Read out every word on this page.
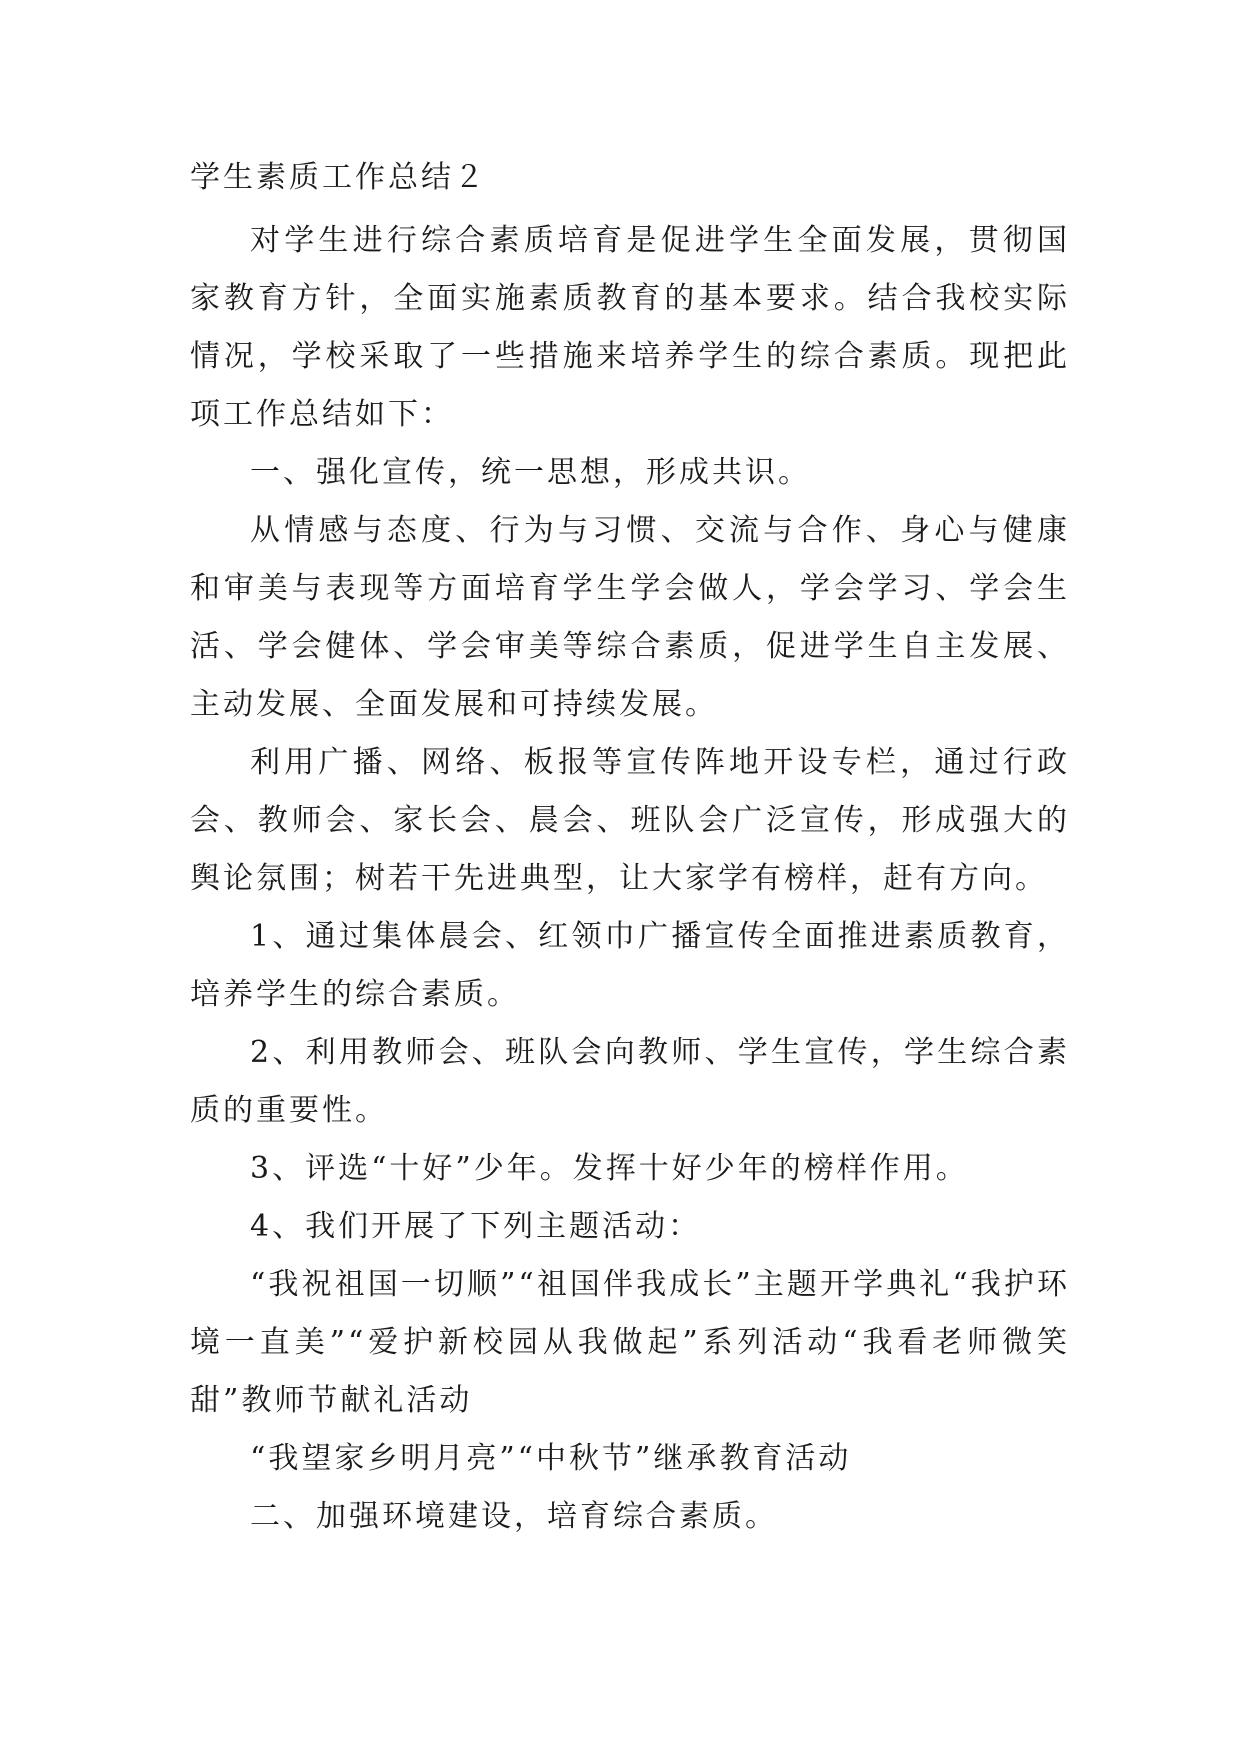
学生素质工作总结２

对学生进行综合素质培育是促进学生全面发展，贯彻国家教育方针，全面实施素质教育的基本要求。结合我校实际情况，学校采取了一些措施来培养学生的综合素质。现把此项工作总结如下：

一、强化宣传，统一思想，形成共识。

从情感与态度、行为与习惯、交流与合作、身心与健康和审美与表现等方面培育学生学会做人，学会学习、学会生活、学会健体、学会审美等综合素质，促进学生自主发展、主动发展、全面发展和可持续发展。

利用广播、网络、板报等宣传阵地开设专栏，通过行政会、教师会、家长会、晨会、班队会广泛宣传，形成强大的舆论氛围；树若干先进典型，让大家学有榜样，赶有方向。

1、通过集体晨会、红领巾广播宣传全面推进素质教育，培养学生的综合素质。

2、利用教师会、班队会向教师、学生宣传，学生综合素质的重要性。

3、评选“十好”少年。发挥十好少年的榜样作用。

4、我们开展了下列主题活动：

“我祝祖国一切顺”“祖国伴我成长”主题开学典礼“我护环境一直美”“爱护新校园从我做起”系列活动“我看老师微笑甜”教师节献礼活动

“我望家乡明月亮”“中秋节”继承教育活动

二、加强环境建设，培育综合素质。
